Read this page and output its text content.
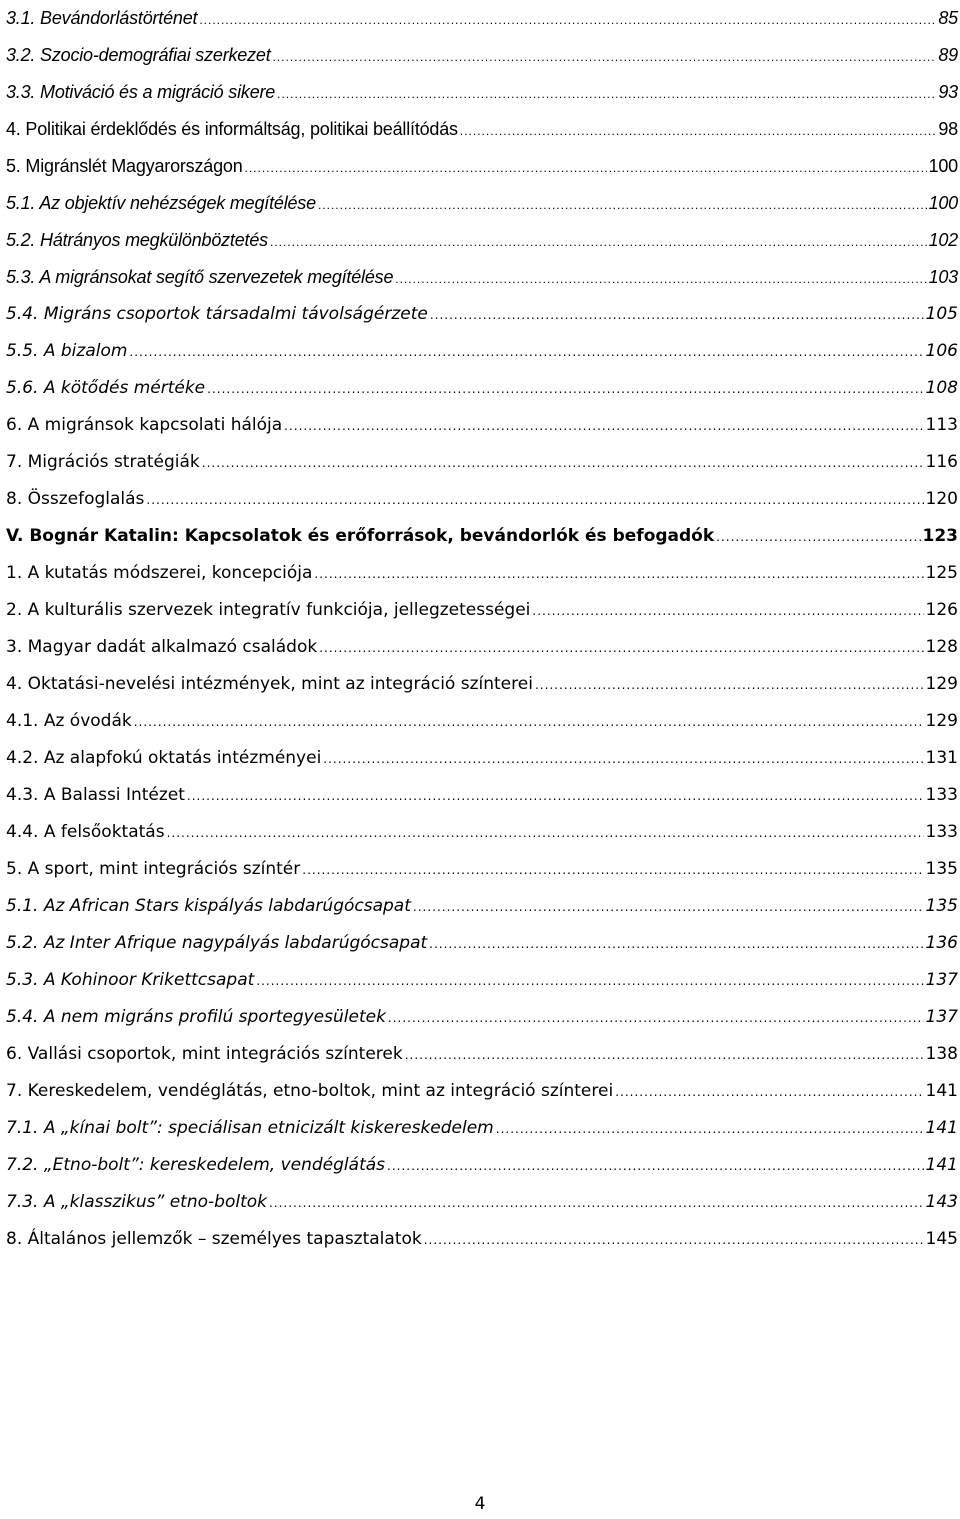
3.1. Bevándorlástörténet .....	85
3.2. Szocio-demográfiai szerkezet .....	89
3.3. Motiváció és a migráció sikere .....	93
4. Politikai érdeklődés és informáltság, politikai beállítódás .....	98
5. Migránslét Magyarországon .....	100
5.1. Az objektív nehézségek megítélése .....	100
5.2. Hátrányos megkülönböztetés .....	102
5.3. A migránsokat segítő szervezetek megítélése .....	103
5.4. Migráns csoportok társadalmi távolságérzete .....	105
5.5. A bizalom .....	106
5.6. A kötődés mértéke .....	108
6. A migránsok kapcsolati hálója .....	113
7. Migrációs stratégiák .....	116
8. Összefoglalás .....	120
V. Bognár Katalin: Kapcsolatok és erőforrások, bevándorlók és befogadók .....	123
1. A kutatás módszerei, koncepciója .....	125
2. A kulturális szervezek integratív funkciója, jellegzetességei .....	126
3. Magyar dadát alkalmazó családok .....	128
4. Oktatási-nevelési intézmények, mint az integráció színterei .....	129
4.1. Az óvodák .....	129
4.2. Az alapfokú oktatás intézményei .....	131
4.3. A Balassi Intézet .....	133
4.4. A felsőoktatás .....	133
5. A sport, mint integrációs színtér .....	135
5.1. Az African Stars kispályás labdarúgócsapat .....	135
5.2. Az Inter Afrique nagypályás labdarúgócsapat .....	136
5.3. A Kohinoor Krikettcsapat .....	137
5.4. A nem migráns profilú sportegyesületek .....	137
6. Vallási csoportok, mint integrációs színterek .....	138
7. Kereskedelem, vendéglátás, etno-boltok, mint az integráció színterei .....	141
7.1. A „kínai bolt”: speciálisan etnicizált kiskereskedelem .....	141
7.2. „Etno-bolt”: kereskedelem, vendéglátás .....	141
7.3. A „klasszikus” etno-boltok .....	143
8. Általános jellemzők – személyes tapasztalatok .....	145
4
